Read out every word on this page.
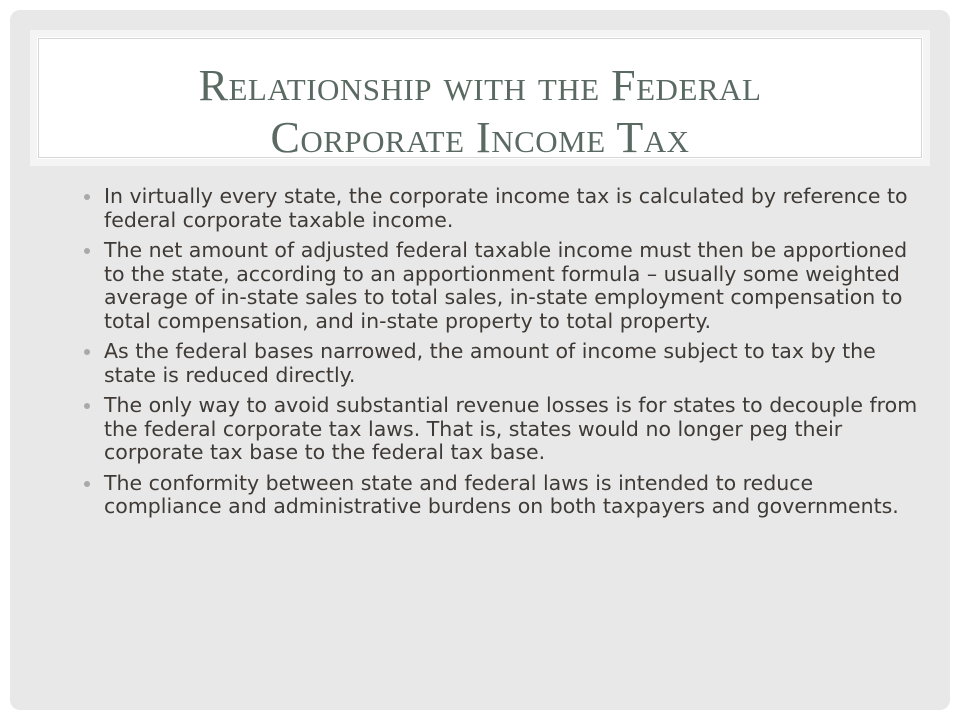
Relationship with the Federal
Corporate Income Tax
In virtually every state, the corporate income tax is calculated by reference to federal corporate taxable income.
The net amount of adjusted federal taxable income must then be apportioned to the state, according to an apportionment formula – usually some weighted average of in-state sales to total sales, in-state employment compensation to total compensation, and in-state property to total property.
As the federal bases narrowed, the amount of income subject to tax by the state is reduced directly.
The only way to avoid substantial revenue losses is for states to decouple from the federal corporate tax laws. That is, states would no longer peg their corporate tax base to the federal tax base.
The conformity between state and federal laws is intended to reduce compliance and administrative burdens on both taxpayers and governments.
